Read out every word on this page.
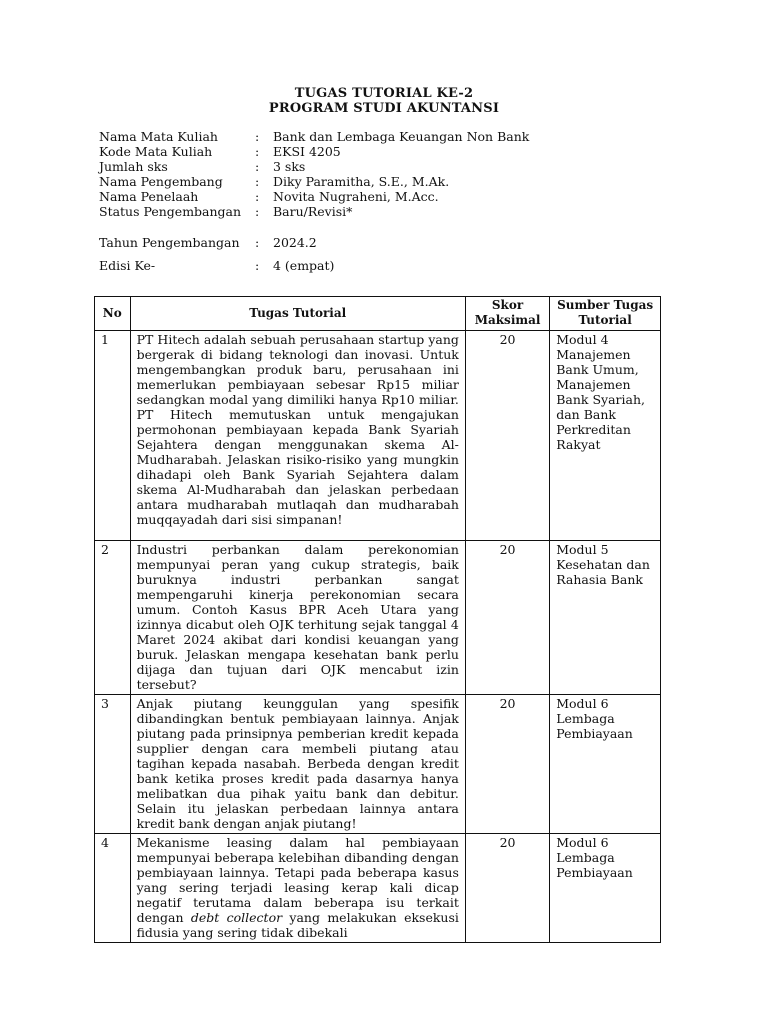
TUGAS TUTORIAL KE-2
PROGRAM STUDI AKUNTANSI
Nama Mata Kuliah	:	Bank dan Lembaga Keuangan Non Bank
Kode Mata Kuliah	:	EKSI 4205
Jumlah sks	:	3 sks
Nama Pengembang	:	Diky Paramitha, S.E., M.Ak.
Nama Penelaah	:	Novita Nugraheni, M.Acc.
Status Pengembangan	:	Baru/Revisi*
Tahun Pengembangan	:	2024.2
Edisi Ke-	:	4 (empat)
No	Tugas Tutorial	Skor Maksimal	Sumber Tugas Tutorial
1	PT Hitech adalah sebuah perusahaan startup yang bergerak di bidang teknologi dan inovasi. Untuk mengembangkan produk baru, perusahaan ini memerlukan pembiayaan sebesar Rp15 miliar sedangkan modal yang dimiliki hanya Rp10 miliar. PT Hitech memutuskan untuk mengajukan permohonan pembiayaan kepada Bank Syariah Sejahtera dengan menggunakan skema Al-Mudharabah. Jelaskan risiko-risiko yang mungkin dihadapi oleh Bank Syariah Sejahtera dalam skema Al-Mudharabah dan jelaskan perbedaan antara mudharabah mutlaqah dan mudharabah muqqayadah dari sisi simpanan!	20	Modul 4 Manajemen Bank Umum, Manajemen Bank Syariah, dan Bank Perkreditan Rakyat
2	Industri perbankan dalam perekonomian mempunyai peran yang cukup strategis, baik buruknya industri perbankan sangat mempengaruhi kinerja perekonomian secara umum. Contoh Kasus BPR Aceh Utara yang izinnya dicabut oleh OJK terhitung sejak tanggal 4 Maret 2024 akibat dari kondisi keuangan yang buruk. Jelaskan mengapa kesehatan bank perlu dijaga dan tujuan dari OJK mencabut izin tersebut?	20	Modul 5 Kesehatan dan Rahasia Bank
3	Anjak piutang keunggulan yang spesifik dibandingkan bentuk pembiayaan lainnya. Anjak piutang pada prinsipnya pemberian kredit kepada supplier dengan cara membeli piutang atau tagihan kepada nasabah. Berbeda dengan kredit bank ketika proses kredit pada dasarnya hanya melibatkan dua pihak yaitu bank dan debitur. Selain itu jelaskan perbedaan lainnya antara kredit bank dengan anjak piutang!	20	Modul 6 Lembaga Pembiayaan
4	Mekanisme leasing dalam hal pembiayaan mempunyai beberapa kelebihan dibanding dengan pembiayaan lainnya. Tetapi pada beberapa kasus yang sering terjadi leasing kerap kali dicap negatif terutama dalam beberapa isu terkait dengan debt collector yang melakukan eksekusi fidusia yang sering tidak dibekali	20	Modul 6 Lembaga Pembiayaan
